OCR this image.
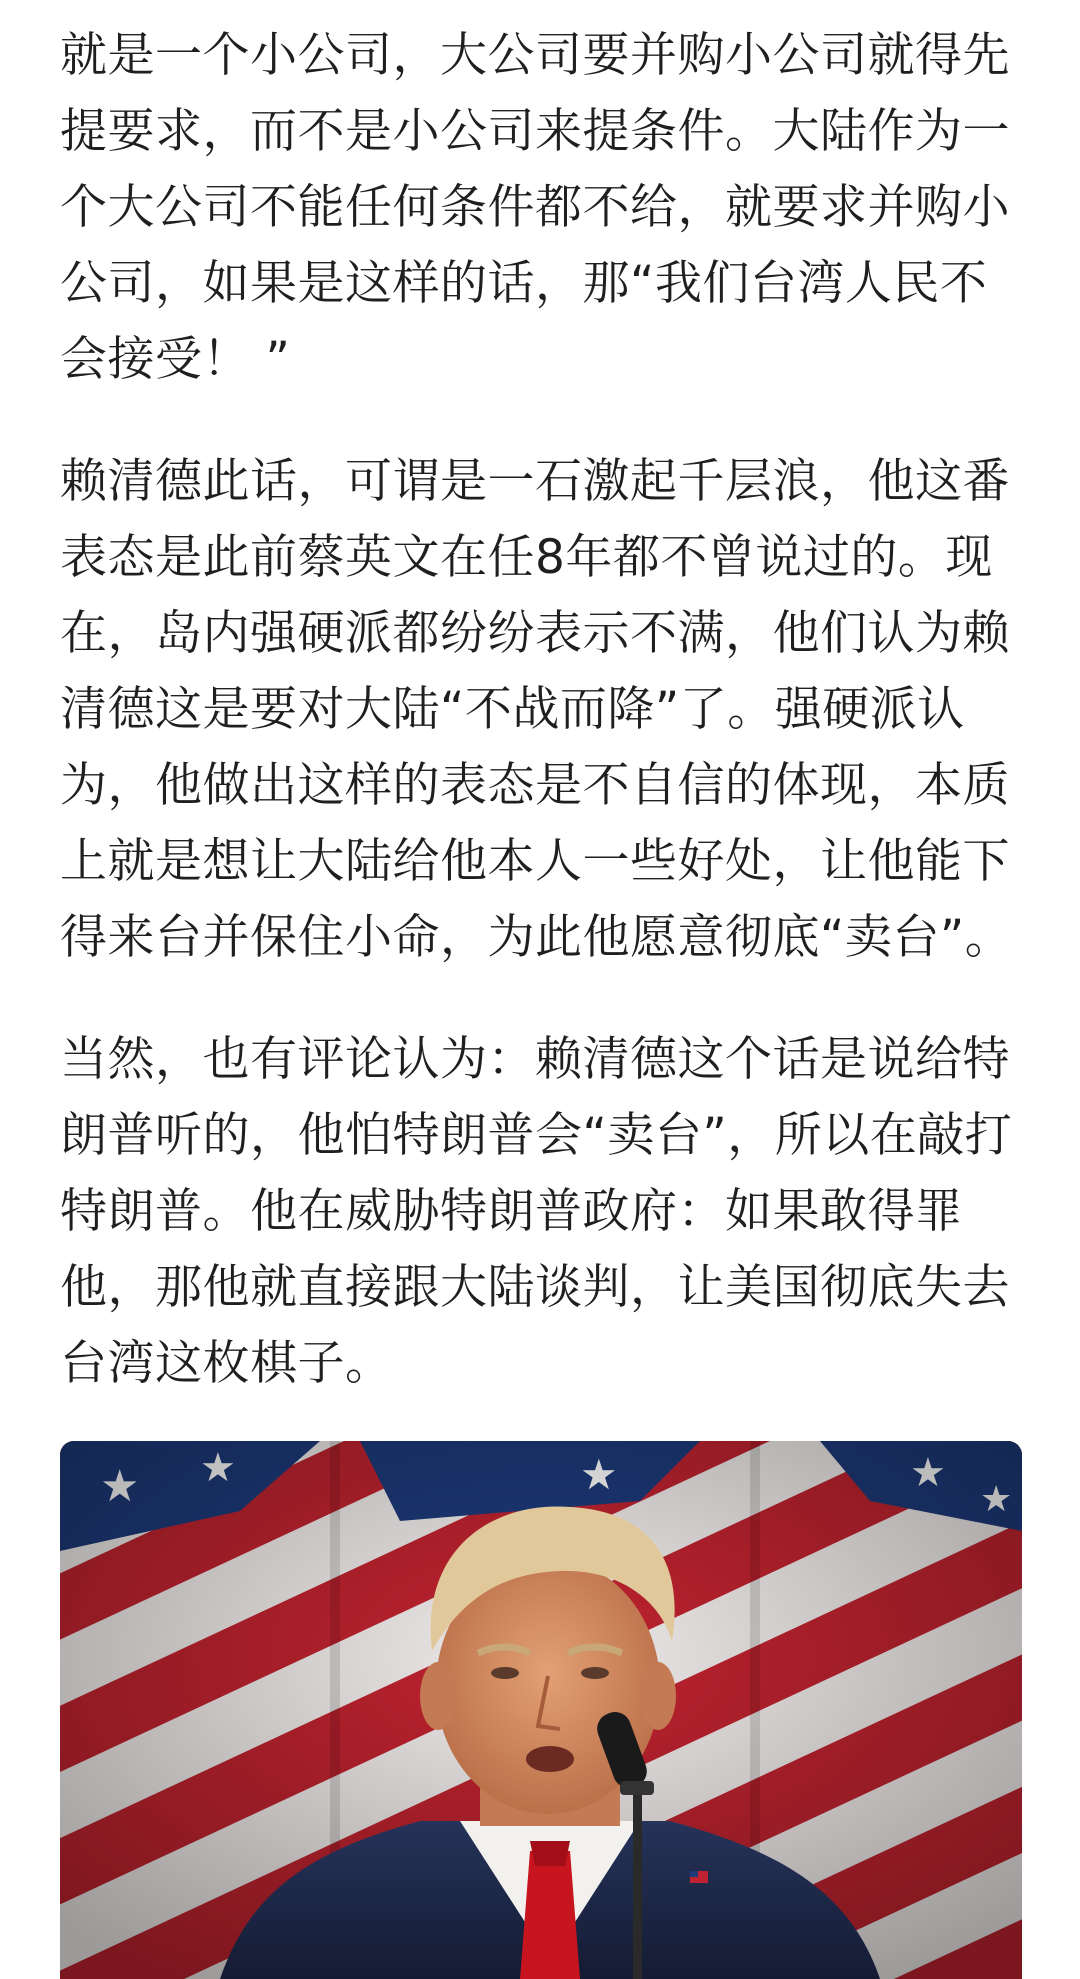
就是一个小公司，大公司要并购小公司就得先提要求，而不是小公司来提条件。大陆作为一个大公司不能任何条件都不给，就要求并购小公司，如果是这样的话，那“我们台湾人民不会接受！ ”

赖清德此话，可谓是一石激起千层浪，他这番表态是此前蔡英文在任8年都不曾说过的。现在，岛内强硬派都纷纷表示不满，他们认为赖清德这是要对大陆“不战而降”了。强硬派认为，他做出这样的表态是不自信的体现，本质上就是想让大陆给他本人一些好处，让他能下得来台并保住小命，为此他愿意彻底“卖台”。

当然，也有评论认为：赖清德这个话是说给特朗普听的，他怕特朗普会“卖台”，所以在敲打特朗普。他在威胁特朗普政府：如果敢得罪他，那他就直接跟大陆谈判，让美国彻底失去台湾这枚棋子。
